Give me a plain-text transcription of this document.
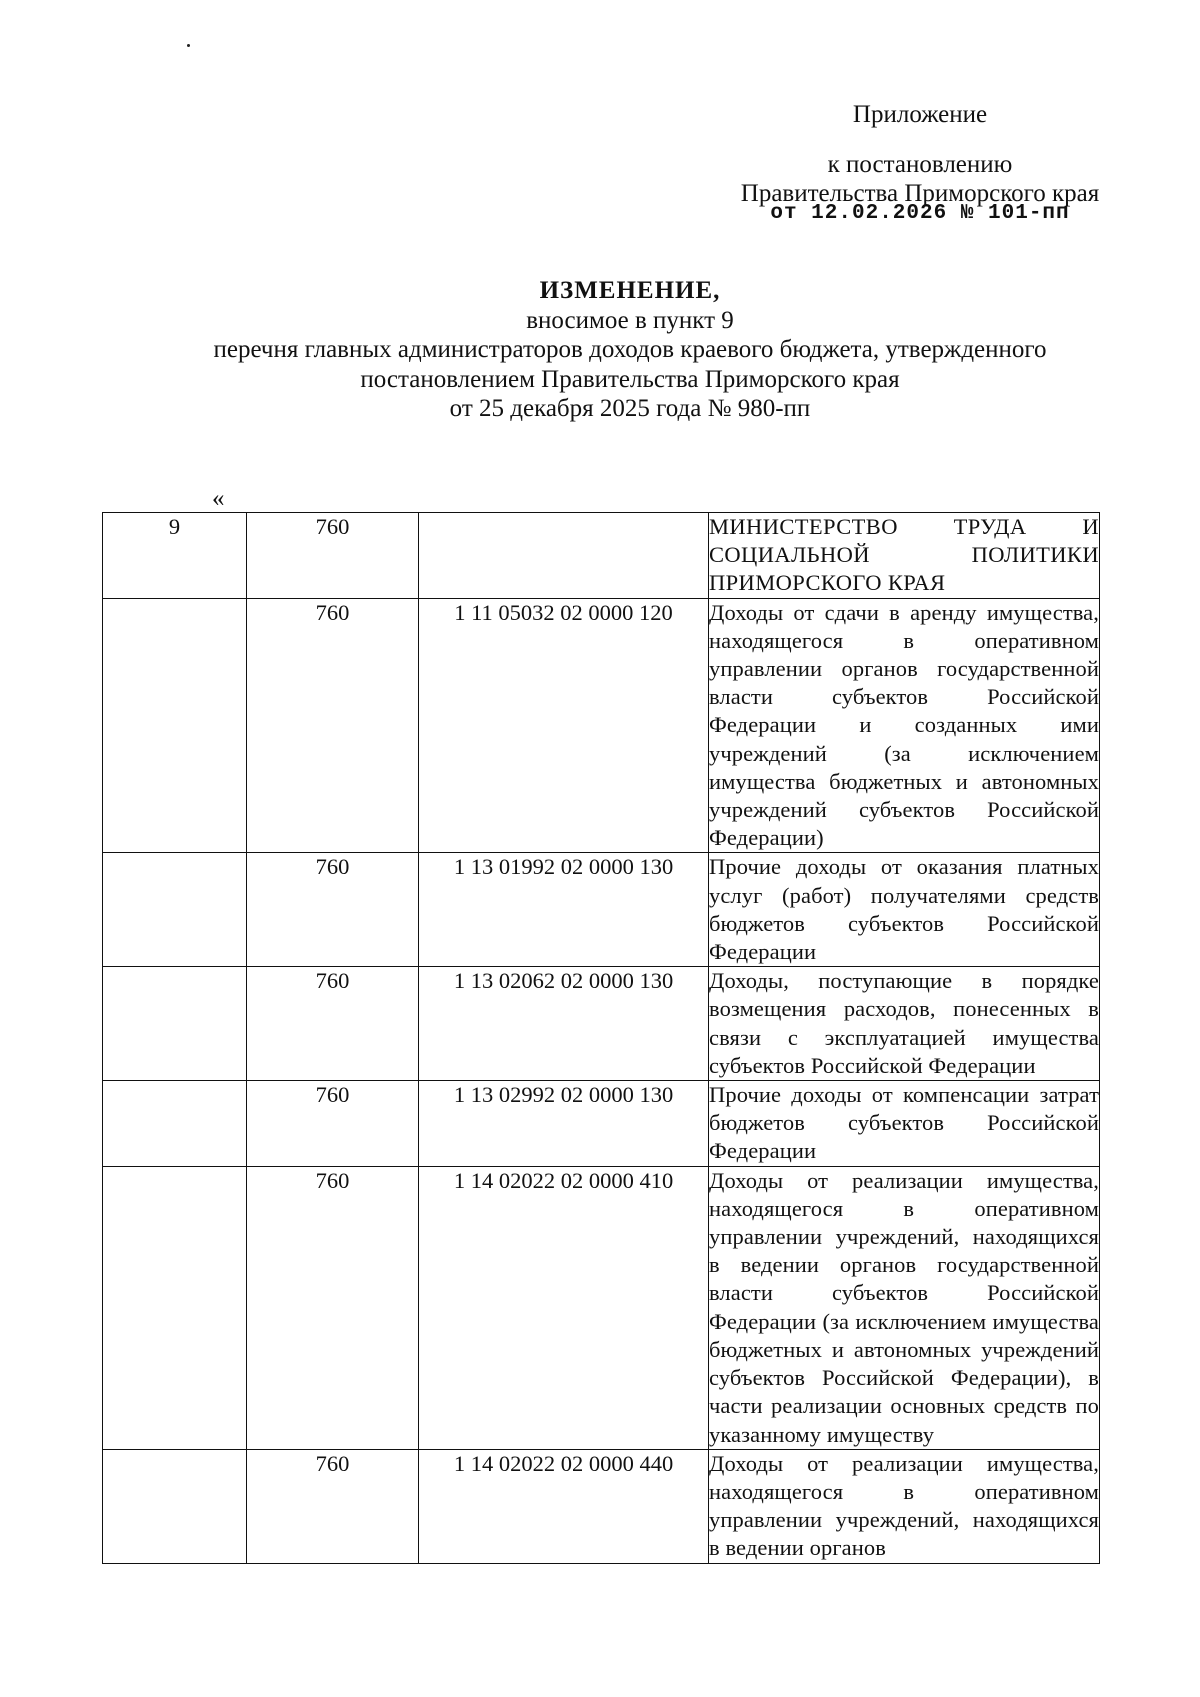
Приложение
к постановлению
Правительства Приморского края
от 12.02.2026 № 101-пп
ИЗМЕНЕНИЕ,
вносимое в пункт 9
перечня главных администраторов доходов краевого бюджета, утвержденного
постановлением Правительства Приморского края
от 25 декабря 2025 года № 980-пп
«
9	760		МИНИСТЕРСТВО ТРУДА И СОЦИАЛЬНОЙ ПОЛИТИКИ ПРИМОРСКОГО КРАЯ
	760	1 11 05032 02 0000 120	Доходы от сдачи в аренду имущества, находящегося в оперативном управлении органов государственной власти субъектов Российской Федерации и созданных ими учреждений (за исключением имущества бюджетных и автономных учреждений субъектов Российской Федерации)
	760	1 13 01992 02 0000 130	Прочие доходы от оказания платных услуг (работ) получателями средств бюджетов субъектов Российской Федерации
	760	1 13 02062 02 0000 130	Доходы, поступающие в порядке возмещения расходов, понесенных в связи с эксплуатацией имущества субъектов Российской Федерации
	760	1 13 02992 02 0000 130	Прочие доходы от компенсации затрат бюджетов субъектов Российской Федерации
	760	1 14 02022 02 0000 410	Доходы от реализации имущества, находящегося в оперативном управлении учреждений, находящихся в ведении органов государственной власти субъектов Российской Федерации (за исключением имущества бюджетных и автономных учреждений субъектов Российской Федерации), в части реализации основных средств по указанному имуществу
	760	1 14 02022 02 0000 440	Доходы от реализации имущества, находящегося в оперативном управлении учреждений, находящихся в ведении органов
